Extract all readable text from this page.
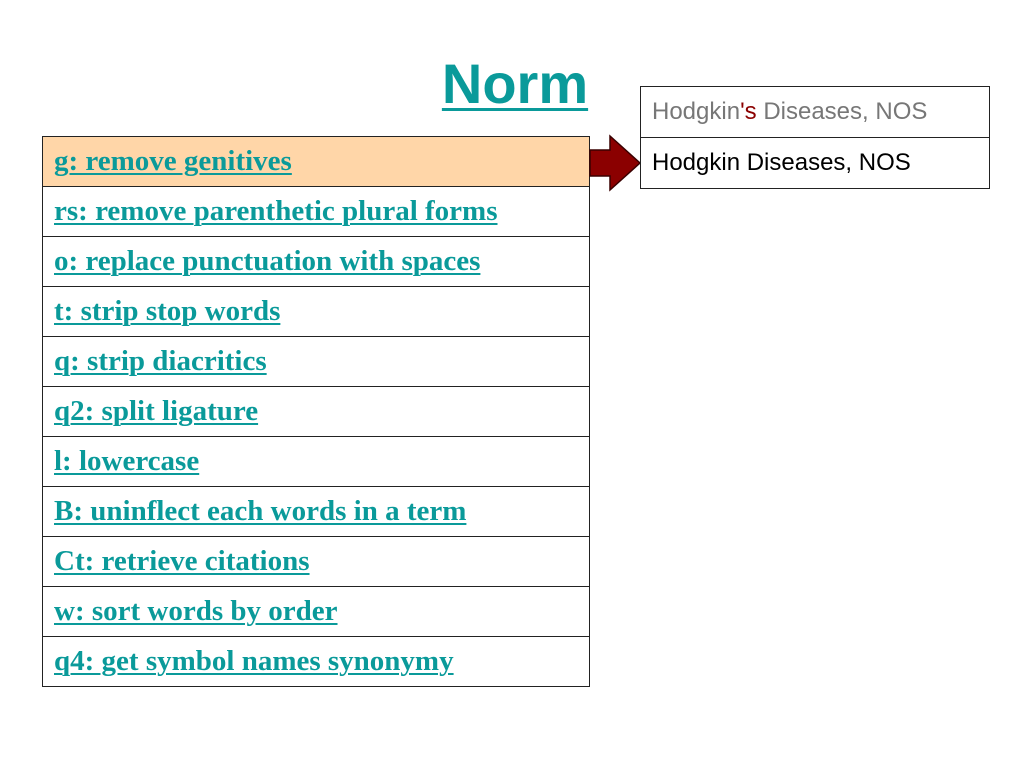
Norm
g: remove genitives
rs: remove parenthetic plural forms
o: replace punctuation with spaces
t: strip stop words
q: strip diacritics
q2: split ligature
l: lowercase
B: uninflect each words in a term
Ct: retrieve citations
w: sort words by order
q4: get symbol names synonymy
Hodgkin's Diseases, NOS
Hodgkin Diseases, NOS
